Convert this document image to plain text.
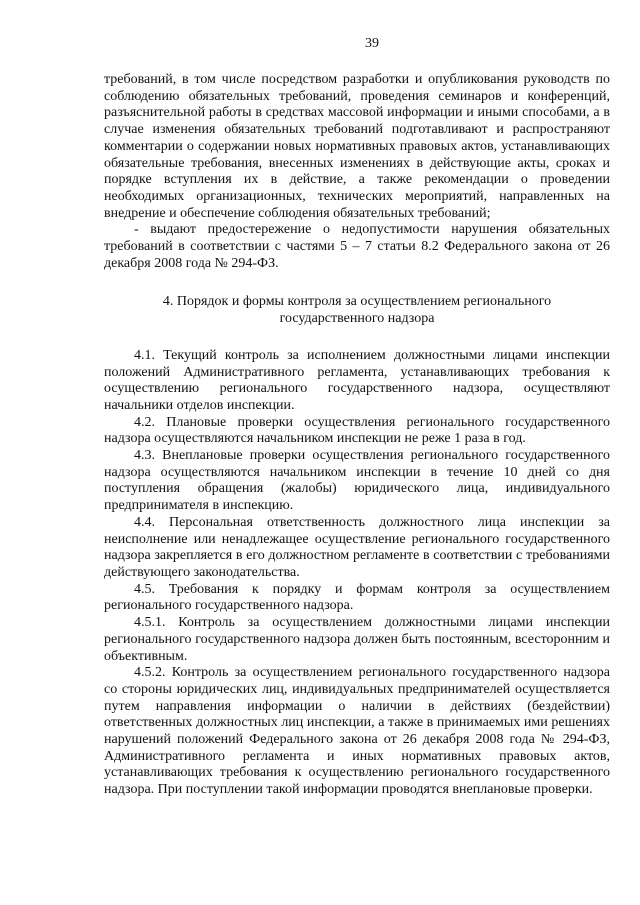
39

требований, в том числе посредством разработки и опубликования руководств по соблюдению обязательных требований, проведения семинаров и конференций, разъяснительной работы в средствах массовой информации и иными способами, а в случае изменения обязательных требований подготавливают и распространяют комментарии о содержании новых нормативных правовых актов, устанавливающих обязательные требования, внесенных изменениях в действующие акты, сроках и порядке вступления их в действие, а также рекомендации о проведении необходимых организационных, технических мероприятий, направленных на внедрение и обеспечение соблюдения обязательных требований;

- выдают предостережение о недопустимости нарушения обязательных требований в соответствии с частями 5 – 7 статьи 8.2 Федерального закона от 26 декабря 2008 года № 294-ФЗ.

4. Порядок и формы контроля за осуществлением регионального
государственного надзора

4.1. Текущий контроль за исполнением должностными лицами инспекции положений Административного регламента, устанавливающих требования к осуществлению регионального государственного надзора, осуществляют начальники отделов инспекции.

4.2. Плановые проверки осуществления регионального государственного надзора осуществляются начальником инспекции не реже 1 раза в год.

4.3. Внеплановые проверки осуществления регионального государственного надзора осуществляются начальником инспекции в течение 10 дней со дня поступления обращения (жалобы) юридического лица, индивидуального предпринимателя в инспекцию.

4.4. Персональная ответственность должностного лица инспекции за неисполнение или ненадлежащее осуществление регионального государственного надзора закрепляется в его должностном регламенте в соответствии с требованиями действующего законодательства.

4.5. Требования к порядку и формам контроля за осуществлением регионального государственного надзора.

4.5.1. Контроль за осуществлением должностными лицами инспекции регионального государственного надзора должен быть постоянным, всесторонним и объективным.

4.5.2. Контроль за осуществлением регионального государственного надзора со стороны юридических лиц, индивидуальных предпринимателей осуществляется путем направления информации о наличии в действиях (бездействии) ответственных должностных лиц инспекции, а также в принимаемых ими решениях нарушений положений Федерального закона от 26 декабря 2008 года № 294-ФЗ, Административного регламента и иных нормативных правовых актов, устанавливающих требования к осуществлению регионального государственного надзора. При поступлении такой информации проводятся внеплановые проверки.
